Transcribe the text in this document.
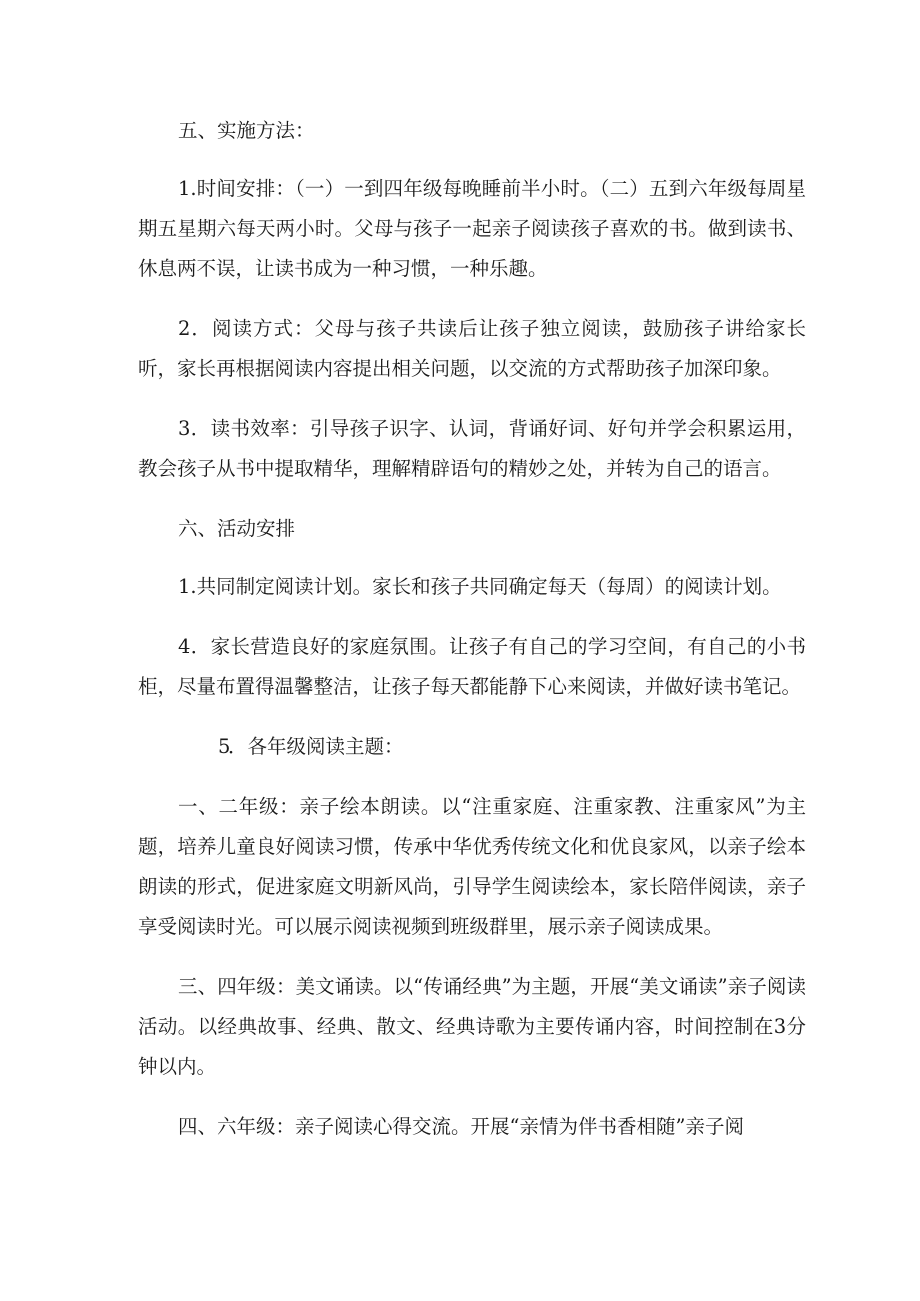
五、实施方法：

1.时间安排：（一）一到四年级每晚睡前半小时。（二）五到六年级每周星期五星期六每天两小时。父母与孩子一起亲子阅读孩子喜欢的书。做到读书、休息两不误，让读书成为一种习惯，一种乐趣。

2．阅读方式：父母与孩子共读后让孩子独立阅读，鼓励孩子讲给家长听，家长再根据阅读内容提出相关问题，以交流的方式帮助孩子加深印象。

3．读书效率：引导孩子识字、认词，背诵好词、好句并学会积累运用，教会孩子从书中提取精华，理解精辟语句的精妙之处，并转为自己的语言。

六、活动安排

1.共同制定阅读计划。家长和孩子共同确定每天（每周）的阅读计划。

4．家长营造良好的家庭氛围。让孩子有自己的学习空间，有自己的小书柜，尽量布置得温馨整洁，让孩子每天都能静下心来阅读，并做好读书笔记。

5．各年级阅读主题：

一、二年级：亲子绘本朗读。以“注重家庭、注重家教、注重家风”为主题，培养儿童良好阅读习惯，传承中华优秀传统文化和优良家风，以亲子绘本朗读的形式，促进家庭文明新风尚，引导学生阅读绘本，家长陪伴阅读，亲子享受阅读时光。可以展示阅读视频到班级群里，展示亲子阅读成果。

三、四年级：美文诵读。以“传诵经典”为主题，开展“美文诵读”亲子阅读活动。以经典故事、经典、散文、经典诗歌为主要传诵内容，时间控制在3分钟以内。

四、六年级：亲子阅读心得交流。开展“亲情为伴书香相随”亲子阅
